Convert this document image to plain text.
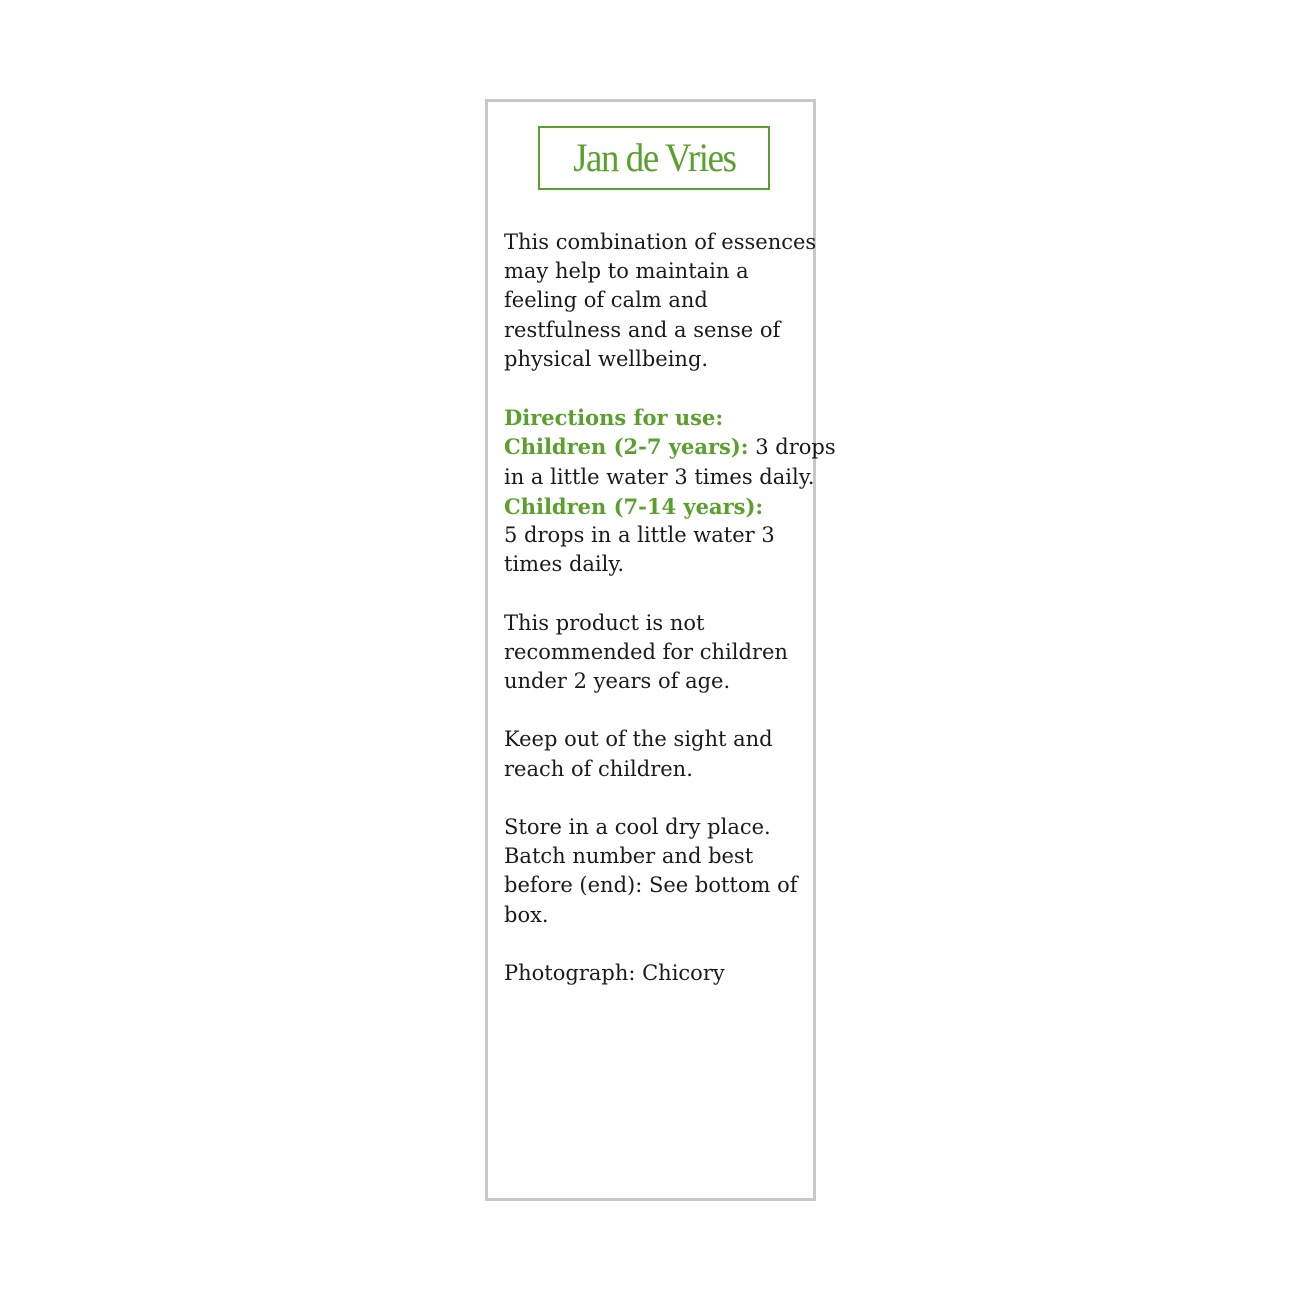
Jan de Vries

This combination of essences
may help to maintain a
feeling of calm and
restfulness and a sense of
physical wellbeing.

Directions for use:
Children (2-7 years): 3 drops
in a little water 3 times daily.
Children (7-14 years):
5 drops in a little water 3
times daily.

This product is not
recommended for children
under 2 years of age.

Keep out of the sight and
reach of children.

Store in a cool dry place.
Batch number and best
before (end): See bottom of
box.

Photograph: Chicory
